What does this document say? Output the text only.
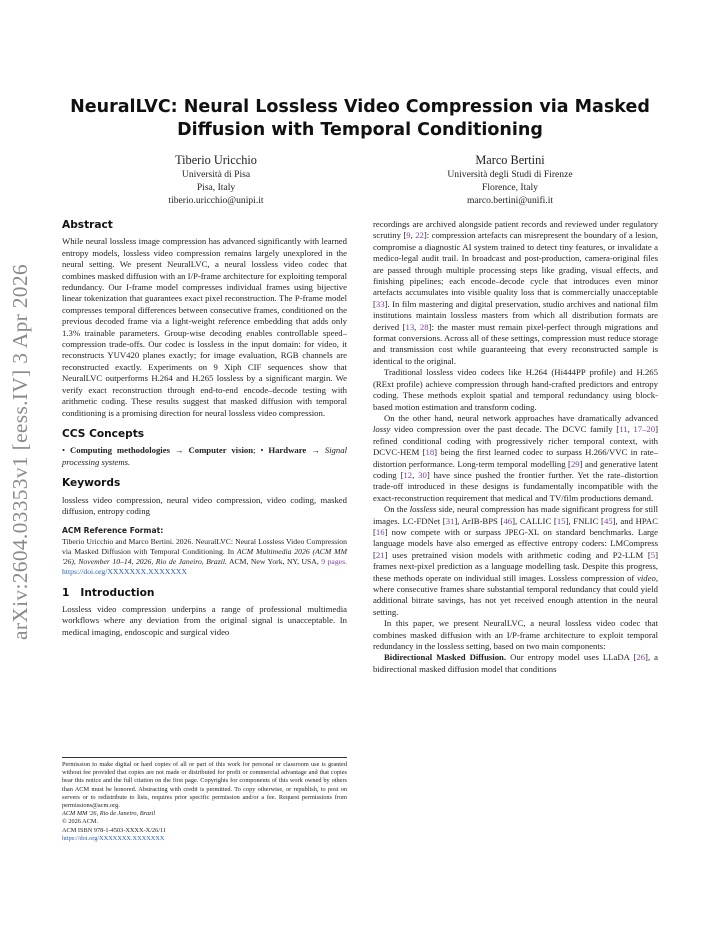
arXiv:2604.03353v1 [eess.IV] 3 Apr 2026
NeuralLVC: Neural Lossless Video Compression via Masked
Diffusion with Temporal Conditioning
Tiberio Uricchio
Università di Pisa
Pisa, Italy
tiberio.uricchio@unipi.it
Marco Bertini
Università degli Studi di Firenze
Florence, Italy
marco.bertini@unifi.it
Abstract

While neural lossless image compression has advanced significantly with learned entropy models, lossless video compression remains largely unexplored in the neural setting. We present NeuralLVC, a neural lossless video codec that combines masked diffusion with an I/P-frame architecture for exploiting temporal redundancy. Our I-frame model compresses individual frames using bijective linear tokenization that guarantees exact pixel reconstruction. The P-frame model compresses temporal differences between consecutive frames, conditioned on the previous decoded frame via a light-weight reference embedding that adds only 1.3% trainable parameters. Group-wise decoding enables controllable speed–compression trade-offs. Our codec is lossless in the input domain: for video, it reconstructs YUV420 planes exactly; for image evaluation, RGB channels are reconstructed exactly. Experiments on 9 Xiph CIF sequences show that NeuralLVC outperforms H.264 and H.265 lossless by a significant margin. We verify exact reconstruction through end-to-end encode–decode testing with arithmetic coding. These results suggest that masked diffusion with temporal conditioning is a promising direction for neural lossless video compression.

CCS Concepts

• Computing methodologies → Computer vision; • Hardware → Signal processing systems.

Keywords

lossless video compression, neural video compression, video coding, masked diffusion, entropy coding

ACM Reference Format:

Tiberio Uricchio and Marco Bertini. 2026. NeuralLVC: Neural Lossless Video Compression via Masked Diffusion with Temporal Conditioning. In ACM Multimedia 2026 (ACM MM '26), November 10–14, 2026, Rio de Janeiro, Brazil. ACM, New York, NY, USA, 9 pages. https://doi.org/XXXXXXX.XXXXXXX

1   Introduction

Lossless video compression underpins a range of professional multimedia workflows where any deviation from the original signal is unacceptable. In medical imaging, endoscopic and surgical video

Permission to make digital or hard copies of all or part of this work for personal or classroom use is granted without fee provided that copies are not made or distributed for profit or commercial advantage and that copies bear this notice and the full citation on the first page. Copyrights for components of this work owned by others than ACM must be honored. Abstracting with credit is permitted. To copy otherwise, or republish, to post on servers or to redistribute to lists, requires prior specific permission and/or a fee. Request permissions from permissions@acm.org.
ACM MM '26, Rio de Janeiro, Brazil
© 2026 ACM.
ACM ISBN 978-1-4503-XXXX-X/26/11
https://doi.org/XXXXXXX.XXXXXXX

recordings are archived alongside patient records and reviewed under regulatory scrutiny [9, 22]: compression artefacts can misrepresent the boundary of a lesion, compromise a diagnostic AI system trained to detect tiny features, or invalidate a medico-legal audit trail. In broadcast and post-production, camera-original files are passed through multiple processing steps like grading, visual effects, and finishing pipelines; each encode–decode cycle that introduces even minor artefacts accumulates into visible quality loss that is commercially unacceptable [33]. In film mastering and digital preservation, studio archives and national film institutions maintain lossless masters from which all distribution formats are derived [13, 28]: the master must remain pixel-perfect through migrations and format conversions. Across all of these settings, compression must reduce storage and transmission cost while guaranteeing that every reconstructed sample is identical to the original.

Traditional lossless video codecs like H.264 (Hi444PP profile) and H.265 (RExt profile) achieve compression through hand-crafted predictors and entropy coding. These methods exploit spatial and temporal redundancy using block-based motion estimation and transform coding.

On the other hand, neural network approaches have dramatically advanced lossy video compression over the past decade. The DCVC family [11, 17–20] refined conditional coding with progressively richer temporal context, with DCVC-HEM [18] being the first learned codec to surpass H.266/VVC in rate–distortion performance. Long-term temporal modelling [29] and generative latent coding [12, 30] have since pushed the frontier further. Yet the rate–distortion trade-off introduced in these designs is fundamentally incompatible with the exact-reconstruction requirement that medical and TV/film productions demand.

On the lossless side, neural compression has made significant progress for still images. LC-FDNet [31], ArIB-BPS [46], CALLIC [15], FNLIC [45], and HPAC [16] now compete with or surpass JPEG-XL on standard benchmarks. Large language models have also emerged as effective entropy coders: LMCompress [21] uses pretrained vision models with arithmetic coding and P2-LLM [5] frames next-pixel prediction as a language modelling task. Despite this progress, these methods operate on individual still images. Lossless compression of video, where consecutive frames share substantial temporal redundancy that could yield additional bitrate savings, has not yet received enough attention in the neural setting.

In this paper, we present NeuralLVC, a neural lossless video codec that combines masked diffusion with an I/P-frame architecture to exploit temporal redundancy in the lossless setting, based on two main components:

Bidirectional Masked Diffusion. Our entropy model uses LLaDA [26], a bidirectional masked diffusion model that conditions
